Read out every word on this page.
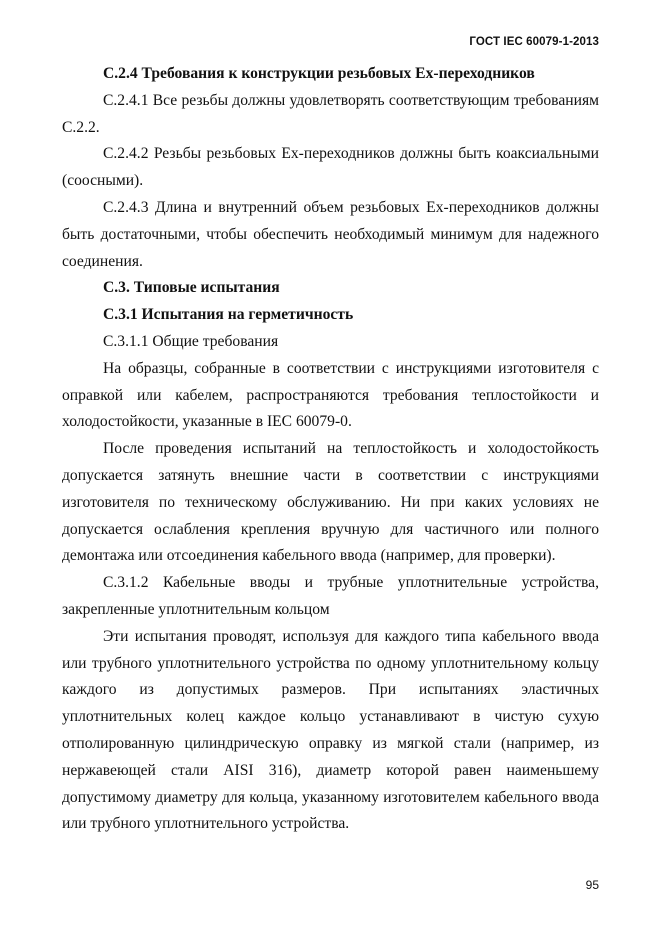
ГОСТ IEC 60079-1-2013

С.2.4 Требования к конструкции резьбовых Ex-переходников

С.2.4.1 Все резьбы должны удовлетворять соответствующим требованиям С.2.2.

С.2.4.2 Резьбы резьбовых Ex-переходников должны быть коаксиальными (соосными).

С.2.4.3 Длина и внутренний объем резьбовых Ex-переходников должны быть достаточными, чтобы обеспечить необходимый минимум для надежного соединения.

С.3. Типовые испытания

С.3.1 Испытания на герметичность

С.3.1.1 Общие требования

На образцы, собранные в соответствии с инструкциями изготовителя с оправкой или кабелем, распространяются требования теплостойкости и холодостойкости, указанные в IEC 60079-0.

После проведения испытаний на теплостойкость и холодостойкость допускается затянуть внешние части в соответствии с инструкциями изготовителя по техническому обслуживанию. Ни при каких условиях не допускается ослабления крепления вручную для частичного или полного демонтажа или отсоединения кабельного ввода (например, для проверки).

С.3.1.2 Кабельные вводы и трубные уплотнительные устройства, закрепленные уплотнительным кольцом

Эти испытания проводят, используя для каждого типа кабельного ввода или трубного уплотнительного устройства по одному уплотнительному кольцу каждого из допустимых размеров. При испытаниях эластичных уплотнительных колец каждое кольцо устанавливают в чистую сухую отполированную цилиндрическую оправку из мягкой стали (например, из нержавеющей стали AISI 316), диаметр которой равен наименьшему допустимому диаметру для кольца, указанному изготовителем кабельного ввода или трубного уплотнительного устройства.

95
